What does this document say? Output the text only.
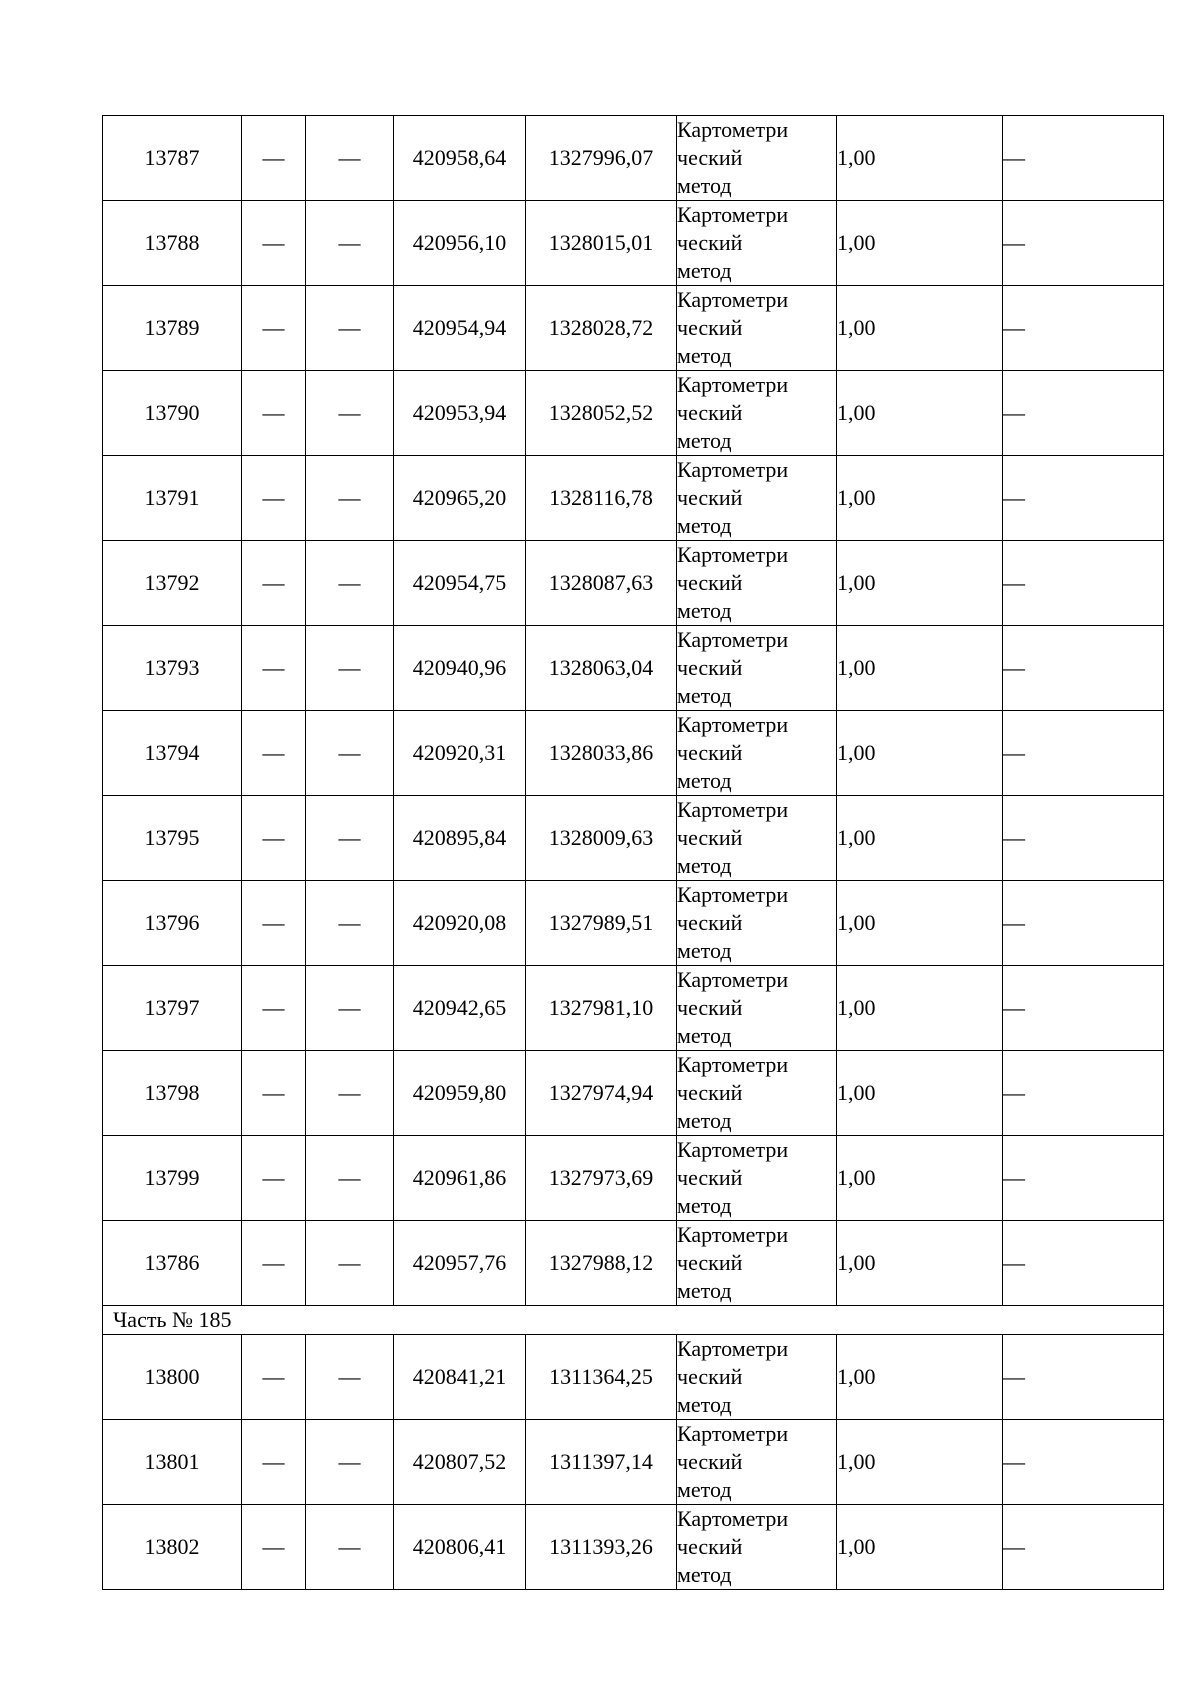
13787	—	—	420958,64	1327996,07	Картометри
ческий
метод	1,00	—
13788	—	—	420956,10	1328015,01	Картометри
ческий
метод	1,00	—
13789	—	—	420954,94	1328028,72	Картометри
ческий
метод	1,00	—
13790	—	—	420953,94	1328052,52	Картометри
ческий
метод	1,00	—
13791	—	—	420965,20	1328116,78	Картометри
ческий
метод	1,00	—
13792	—	—	420954,75	1328087,63	Картометри
ческий
метод	1,00	—
13793	—	—	420940,96	1328063,04	Картометри
ческий
метод	1,00	—
13794	—	—	420920,31	1328033,86	Картометри
ческий
метод	1,00	—
13795	—	—	420895,84	1328009,63	Картометри
ческий
метод	1,00	—
13796	—	—	420920,08	1327989,51	Картометри
ческий
метод	1,00	—
13797	—	—	420942,65	1327981,10	Картометри
ческий
метод	1,00	—
13798	—	—	420959,80	1327974,94	Картометри
ческий
метод	1,00	—
13799	—	—	420961,86	1327973,69	Картометри
ческий
метод	1,00	—
13786	—	—	420957,76	1327988,12	Картометри
ческий
метод	1,00	—
Часть № 185							
13800	—	—	420841,21	1311364,25	Картометри
ческий
метод	1,00	—
13801	—	—	420807,52	1311397,14	Картометри
ческий
метод	1,00	—
13802	—	—	420806,41	1311393,26	Картометри
ческий
метод	1,00	—
